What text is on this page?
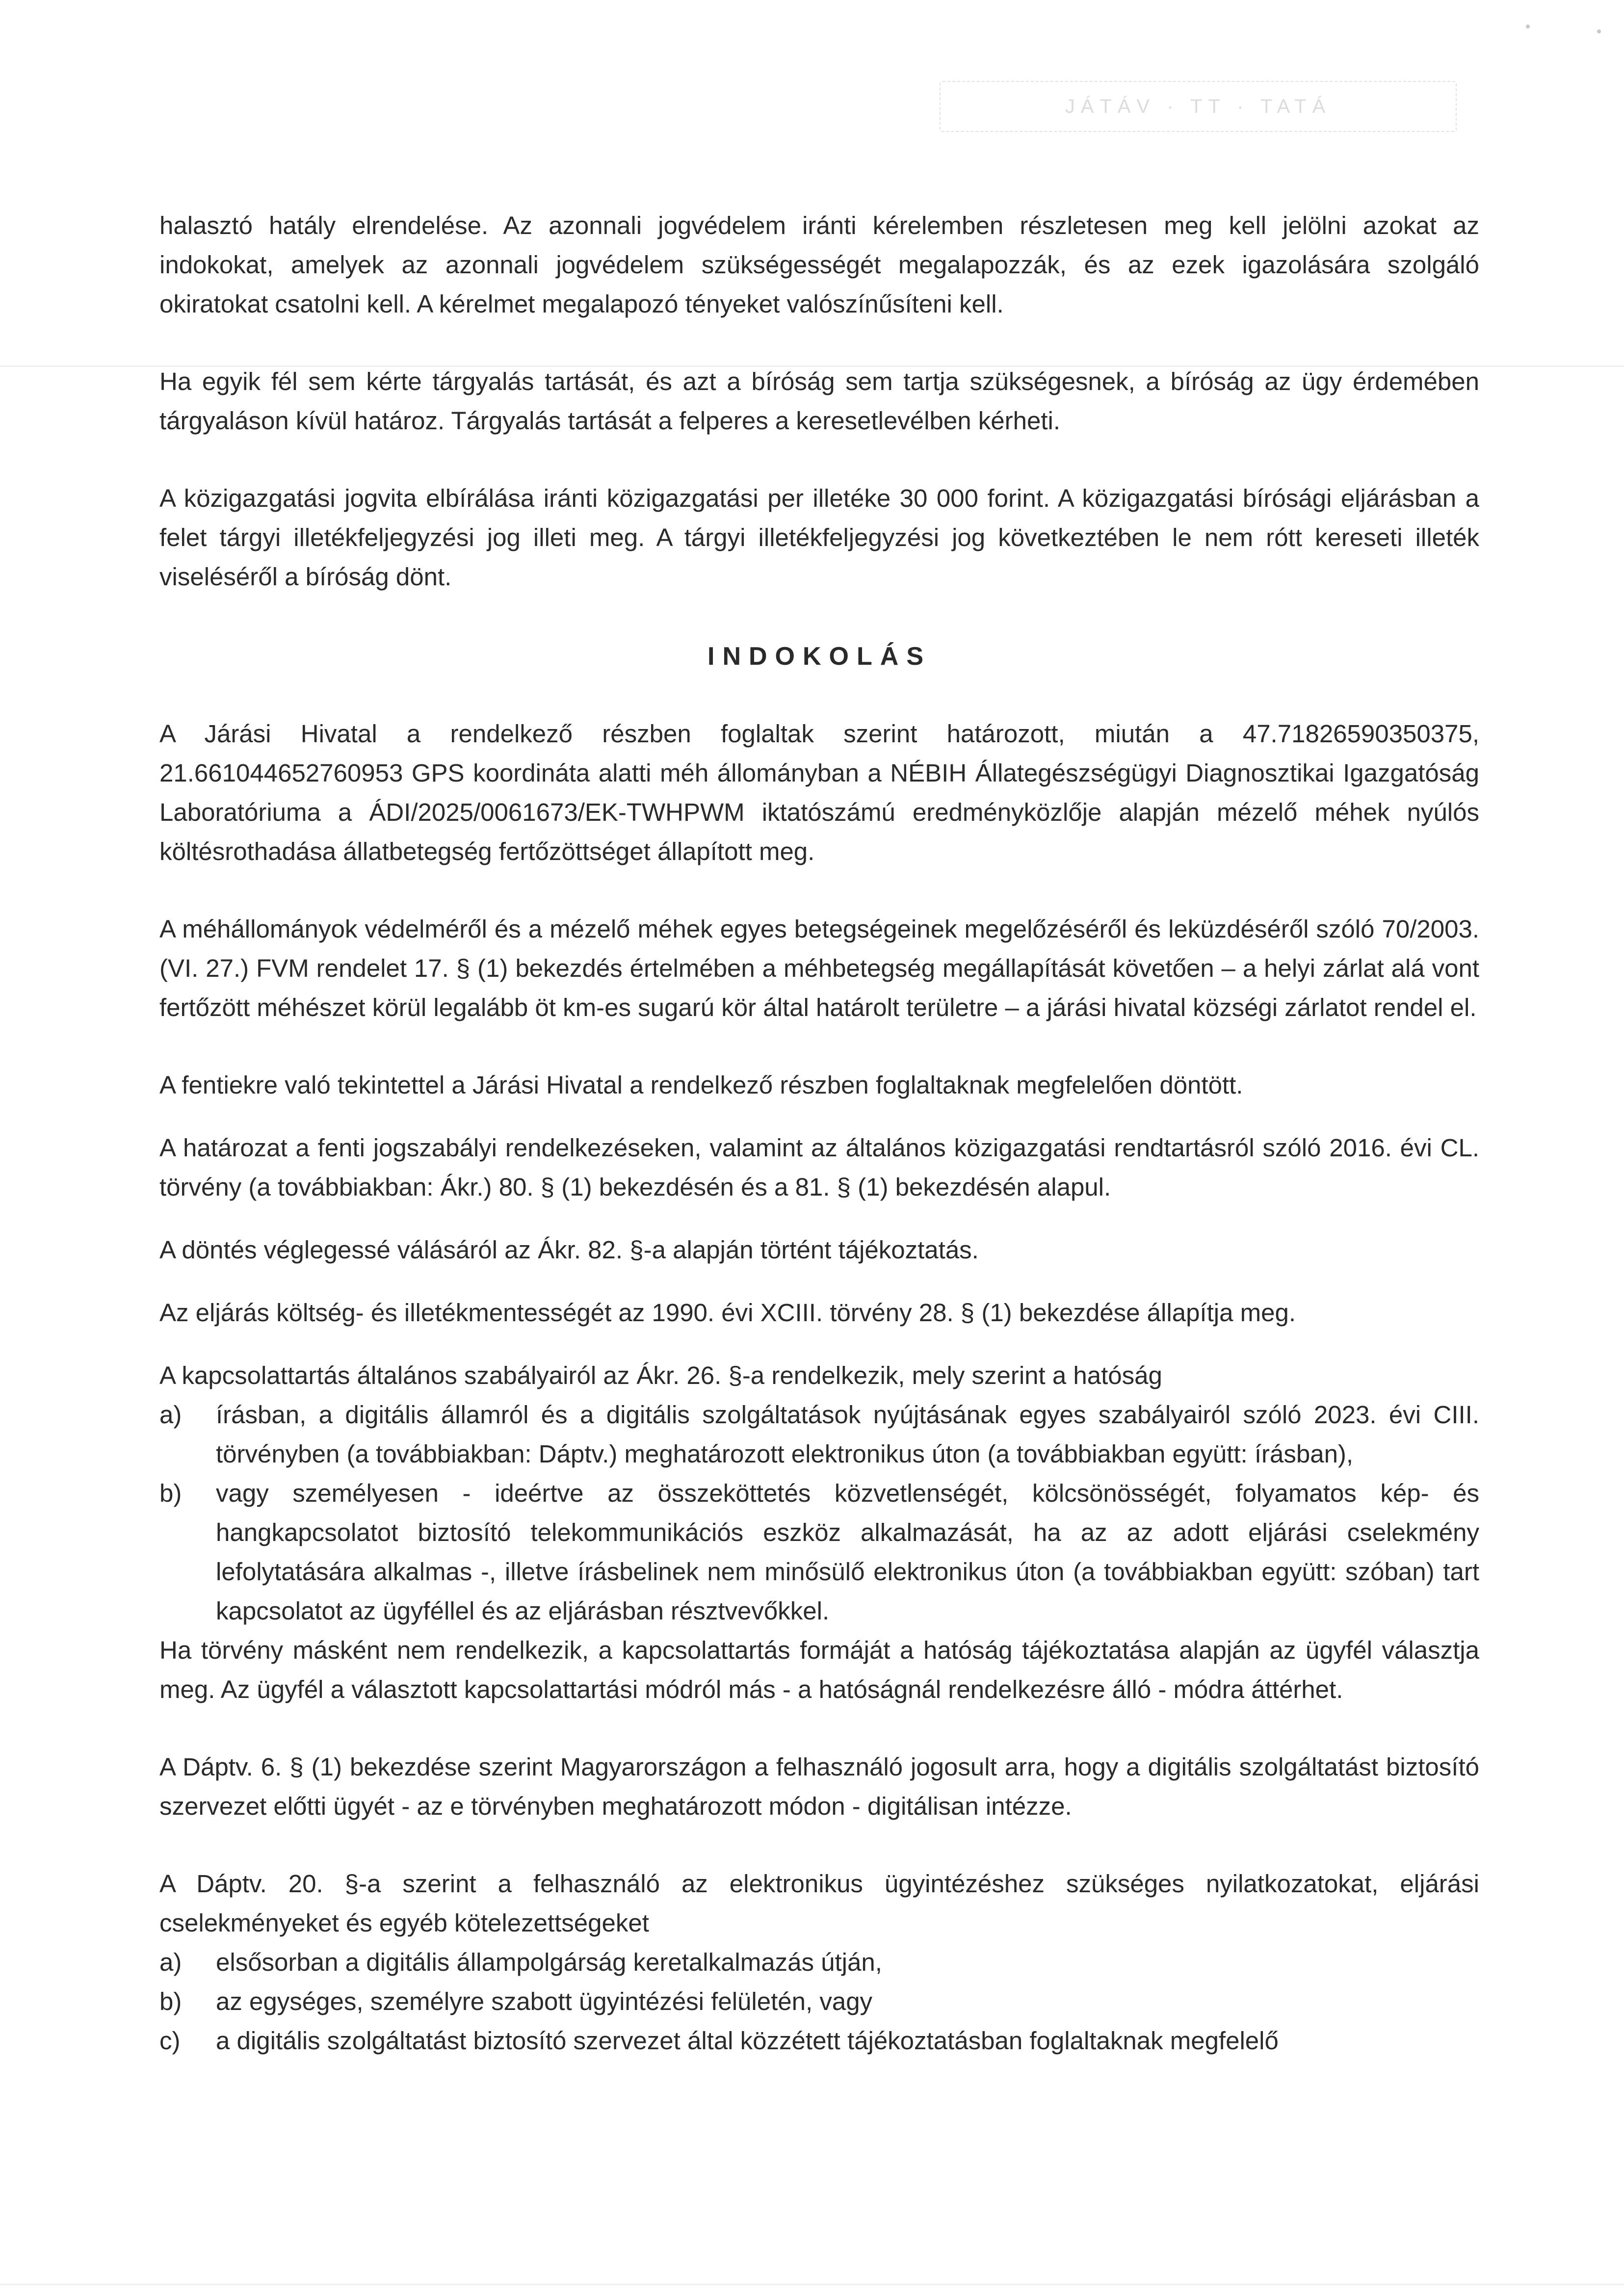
JÁTÁV · TT · TATÁ

halasztó hatály elrendelése. Az azonnali jogvédelem iránti kérelemben részletesen meg kell jelölni azokat az indokokat, amelyek az azonnali jogvédelem szükségességét megalapozzák, és az ezek igazolására szolgáló okiratokat csatolni kell. A kérelmet megalapozó tényeket valószínűsíteni kell.

Ha egyik fél sem kérte tárgyalás tartását, és azt a bíróság sem tartja szükségesnek, a bíróság az ügy érdemében tárgyaláson kívül határoz. Tárgyalás tartását a felperes a keresetlevélben kérheti.

A közigazgatási jogvita elbírálása iránti közigazgatási per illetéke 30 000 forint. A közigazgatási bírósági eljárásban a felet tárgyi illetékfeljegyzési jog illeti meg. A tárgyi illetékfeljegyzési jog következtében le nem rótt kereseti illeték viseléséről a bíróság dönt.

INDOKOLÁS

A Járási Hivatal a rendelkező részben foglaltak szerint határozott, miután a 47.71826590350375, 21.661044652760953 GPS koordináta alatti méh állományban a NÉBIH Állategészségügyi Diagnosztikai Igazgatóság Laboratóriuma a ÁDI/2025/0061673/EK-TWHPWM iktatószámú eredményközlője alapján mézelő méhek nyúlós költésrothadása állatbetegség fertőzöttséget állapított meg.

A méhállományok védelméről és a mézelő méhek egyes betegségeinek megelőzéséről és leküzdéséről szóló 70/2003. (VI. 27.) FVM rendelet 17. § (1) bekezdés értelmében a méhbetegség megállapítását követően – a helyi zárlat alá vont fertőzött méhészet körül legalább öt km-es sugarú kör által határolt területre – a járási hivatal községi zárlatot rendel el.

A fentiekre való tekintettel a Járási Hivatal a rendelkező részben foglaltaknak megfelelően döntött.

A határozat a fenti jogszabályi rendelkezéseken, valamint az általános közigazgatási rendtartásról szóló 2016. évi CL. törvény (a továbbiakban: Ákr.) 80. § (1) bekezdésén és a 81. § (1) bekezdésén alapul.

A döntés véglegessé válásáról az Ákr. 82. §-a alapján történt tájékoztatás.

Az eljárás költség- és illetékmentességét az 1990. évi XCIII. törvény 28. § (1) bekezdése állapítja meg.

A kapcsolattartás általános szabályairól az Ákr. 26. §-a rendelkezik, mely szerint a hatóság

a)	írásban, a digitális államról és a digitális szolgáltatások nyújtásának egyes szabályairól szóló 2023. évi CIII. törvényben (a továbbiakban: Dáptv.) meghatározott elektronikus úton (a továbbiakban együtt: írásban),
b)	vagy személyesen - ideértve az összeköttetés közvetlenségét, kölcsönösségét, folyamatos kép- és hangkapcsolatot biztosító telekommunikációs eszköz alkalmazását, ha az az adott eljárási cselekmény lefolytatására alkalmas -, illetve írásbelinek nem minősülő elektronikus úton (a továbbiakban együtt: szóban) tart kapcsolatot az ügyféllel és az eljárásban résztvevőkkel.

Ha törvény másként nem rendelkezik, a kapcsolattartás formáját a hatóság tájékoztatása alapján az ügyfél választja meg. Az ügyfél a választott kapcsolattartási módról más - a hatóságnál rendelkezésre álló - módra áttérhet.

A Dáptv. 6. § (1) bekezdése szerint Magyarországon a felhasználó jogosult arra, hogy a digitális szolgáltatást biztosító szervezet előtti ügyét - az e törvényben meghatározott módon - digitálisan intézze.

A Dáptv. 20. §-a szerint a felhasználó az elektronikus ügyintézéshez szükséges nyilatkozatokat, eljárási cselekményeket és egyéb kötelezettségeket

a)	elsősorban a digitális állampolgárság keretalkalmazás útján,
b)	az egységes, személyre szabott ügyintézési felületén, vagy
c)	a digitális szolgáltatást biztosító szervezet által közzétett tájékoztatásban foglaltaknak megfelelő
